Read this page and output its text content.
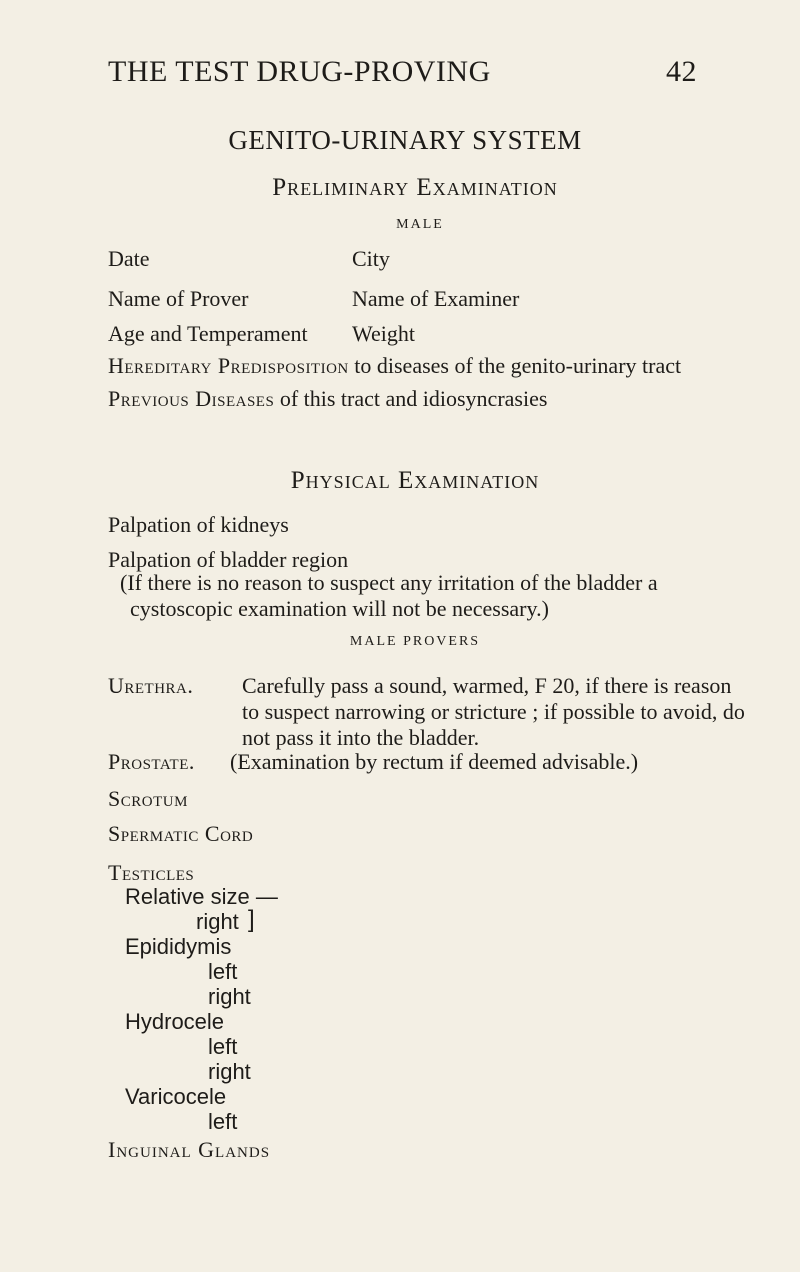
THE TEST DRUG-PROVING	42
GENITO-URINARY SYSTEM
Preliminary Examination
MALE
Date	City
Name of Prover	Name of Examiner
Age and Temperament Weight
Hereditary Predisposition to diseases of the genito-urinary tract
Previous Diseases of this tract and idiosyncrasies
Physical Examination
Palpation of kidneys
Palpation of bladder region
(If there is no reason to suspect any irritation of the bladder a cystoscopic examination will not be necessary.)
MALE PROVERS
Urethra. Carefully pass a sound, warmed, F 20, if there is reason to suspect narrowing or stricture ; if possible to avoid, do not pass it into the bladder.
Prostate. (Examination by rectum if deemed advisable.)
Scrotum
Spermatic Cord
Testicles
Relative size —
right ]
Epididymis
left
right
Hydrocele
left
right
Varicocele
left
Inguinal Glands
